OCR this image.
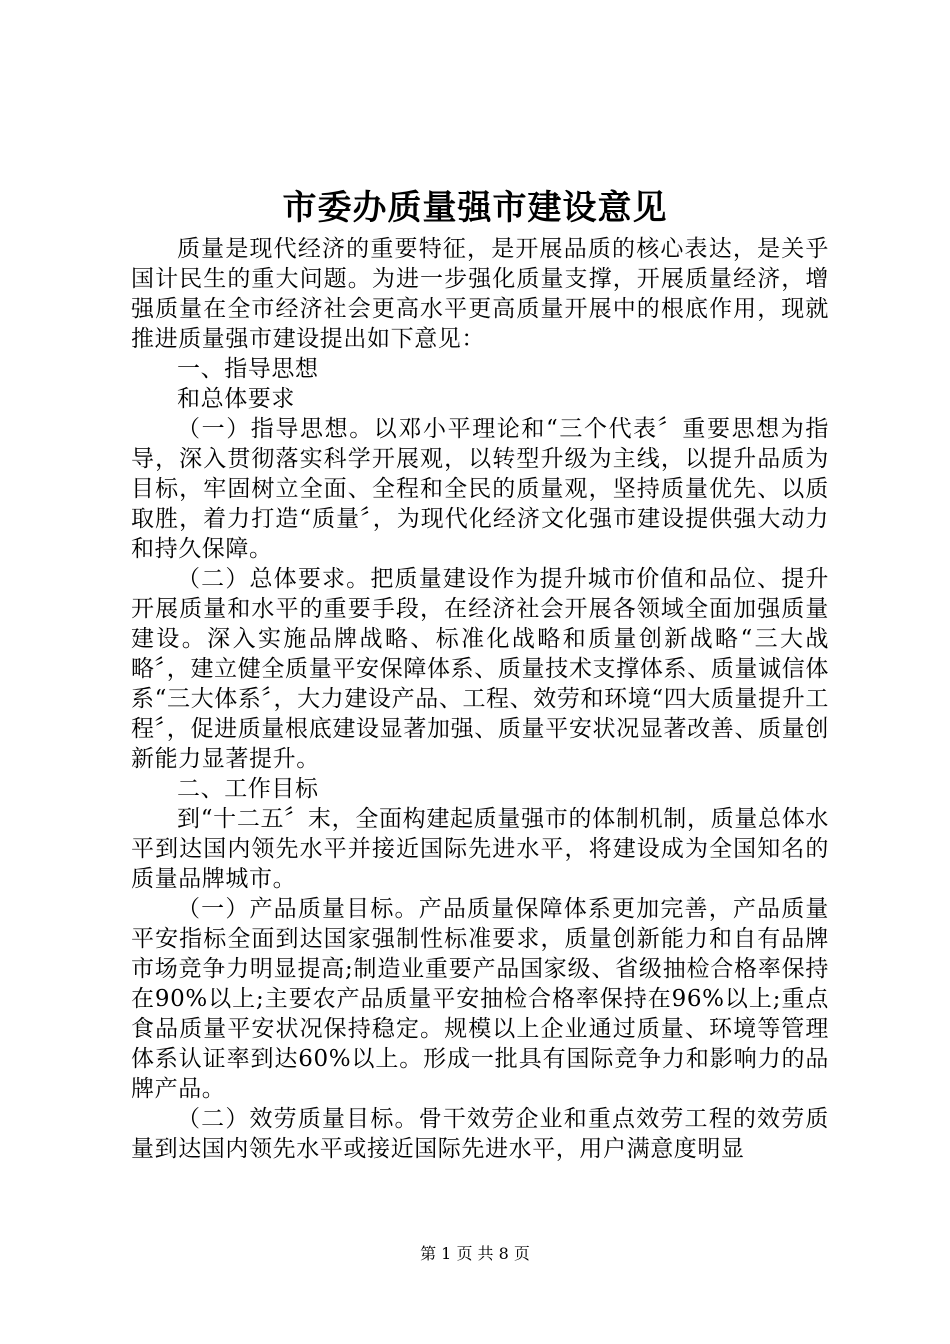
市委办质量强市建设意见

质量是现代经济的重要特征，是开展品质的核心表达，是关乎国计民生的重大问题。为进一步强化质量支撑，开展质量经济，增强质量在全市经济社会更高水平更高质量开展中的根底作用，现就推进质量强市建设提出如下意见：

一、指导思想

和总体要求

（一）指导思想。以邓小平理论和“三个代表〞重要思想为指导，深入贯彻落实科学开展观，以转型升级为主线，以提升品质为目标，牢固树立全面、全程和全民的质量观，坚持质量优先、以质取胜，着力打造“质量〞，为现代化经济文化强市建设提供强大动力和持久保障。

（二）总体要求。把质量建设作为提升城市价值和品位、提升开展质量和水平的重要手段，在经济社会开展各领域全面加强质量建设。深入实施品牌战略、标准化战略和质量创新战略“三大战略〞，建立健全质量平安保障体系、质量技术支撑体系、质量诚信体系“三大体系〞，大力建设产品、工程、效劳和环境“四大质量提升工程〞，促进质量根底建设显著加强、质量平安状况显著改善、质量创新能力显著提升。

二、工作目标

到“十二五〞末，全面构建起质量强市的体制机制，质量总体水平到达国内领先水平并接近国际先进水平，将建设成为全国知名的质量品牌城市。

（一）产品质量目标。产品质量保障体系更加完善，产品质量平安指标全面到达国家强制性标准要求，质量创新能力和自有品牌市场竞争力明显提高;制造业重要产品国家级、省级抽检合格率保持在90%以上;主要农产品质量平安抽检合格率保持在96%以上;重点食品质量平安状况保持稳定。规模以上企业通过质量、环境等管理体系认证率到达60%以上。形成一批具有国际竞争力和影响力的品牌产品。

（二）效劳质量目标。骨干效劳企业和重点效劳工程的效劳质量到达国内领先水平或接近国际先进水平，用户满意度明显

第 1 页 共 8 页
